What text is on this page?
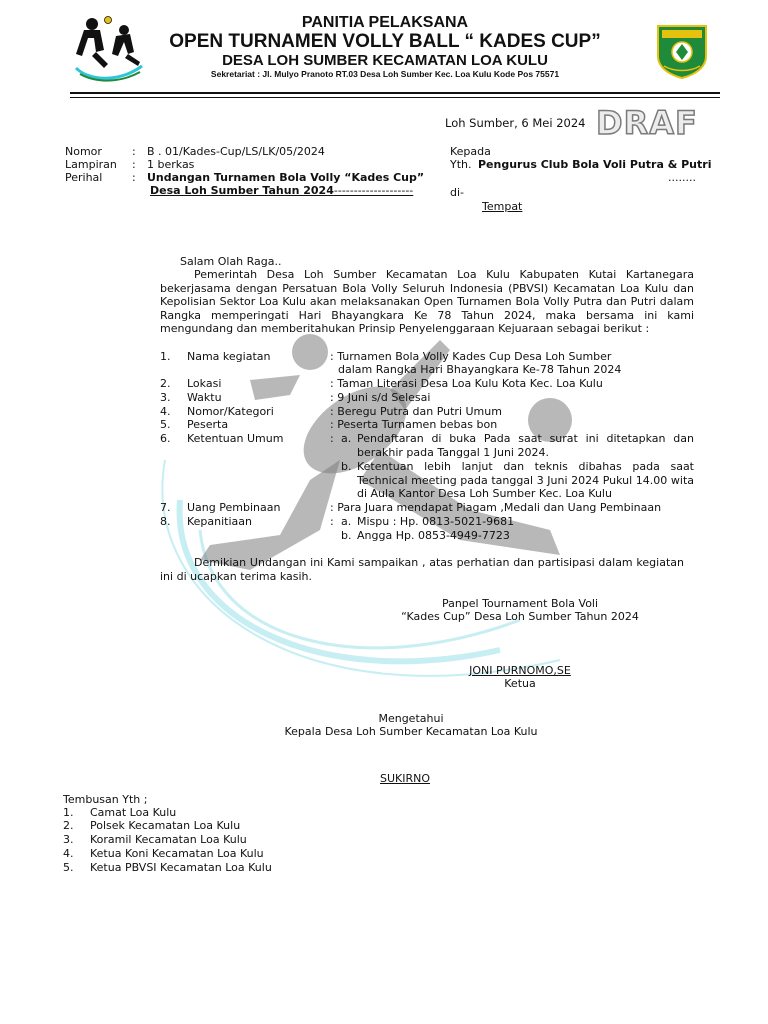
PANITIA PELAKSANA
OPEN TURNAMEN VOLLY BALL “ KADES CUP”
DESA LOH SUMBER KECAMATAN LOA KULU
Sekretariat : Jl. Mulyo Pranoto RT.03 Desa Loh Sumber Kec. Loa Kulu Kode Pos 75571
Loh Sumber, 6 Mei 2024 DRAF
Nomor	: B . 01/Kades-Cup/LS/LK/05/2024
Lampiran : 1 berkas
Perihal	: Undangan Turnamen Bola Volly “Kades Cup”
Desa Loh Sumber Tahun 2024--------------------
Kepada
Yth. Pengurus Club Bola Voli Putra & Putri
........
di-
Tempat
Salam Olah Raga..
Pemerintah Desa Loh Sumber Kecamatan Loa Kulu Kabupaten Kutai Kartanegara bekerjasama dengan Persatuan Bola Volly Seluruh Indonesia (PBVSI) Kecamatan Loa Kulu dan Kepolisian Sektor Loa Kulu akan melaksanakan Open Turnamen Bola Volly Putra dan Putri dalam Rangka memperingati Hari Bhayangkara Ke 78 Tahun 2024, maka bersama ini kami mengundang dan memberitahukan Prinsip Penyelenggaraan Kejuaraan sebagai berikut :
1. Nama kegiatan	: Turnamen Bola Volly Kades Cup Desa Loh Sumber
dalam Rangka Hari Bhayangkara Ke-78 Tahun 2024
2. Lokasi	: Taman Literasi Desa Loa Kulu Kota Kec. Loa Kulu
3. Waktu	: 9 Juni s/d Selesai
4. Nomor/Kategori	: Beregu Putra dan Putri Umum
5. Peserta	: Peserta Turnamen bebas bon
6. Ketentuan Umum	: a. Pendaftaran di buka Pada saat surat ini ditetapkan dan berakhir pada Tanggal 1 Juni 2024.
b. Ketentuan lebih lanjut dan teknis dibahas pada saat Technical meeting pada tanggal 3 Juni 2024 Pukul 14.00 wita di Aula Kantor Desa Loh Sumber Kec. Loa Kulu
7. Uang Pembinaan	: Para Juara mendapat Piagam ,Medali dan Uang Pembinaan
8. Kepanitiaan	: a. Mispu : Hp. 0813-5021-9681
b. Angga Hp. 0853-4949-7723
Demikian Undangan ini Kami sampaikan , atas perhatian dan partisipasi dalam kegiatan ini di ucapkan terima kasih.
Panpel Tournament Bola Voli
“Kades Cup” Desa Loh Sumber Tahun 2024
JONI PURNOMO,SE
Ketua
Mengetahui
Kepala Desa Loh Sumber Kecamatan Loa Kulu
SUKIRNO
Tembusan Yth ;
1. Camat Loa Kulu
2. Polsek Kecamatan Loa Kulu
3. Koramil Kecamatan Loa Kulu
4. Ketua Koni Kecamatan Loa Kulu
5. Ketua PBVSI Kecamatan Loa Kulu
